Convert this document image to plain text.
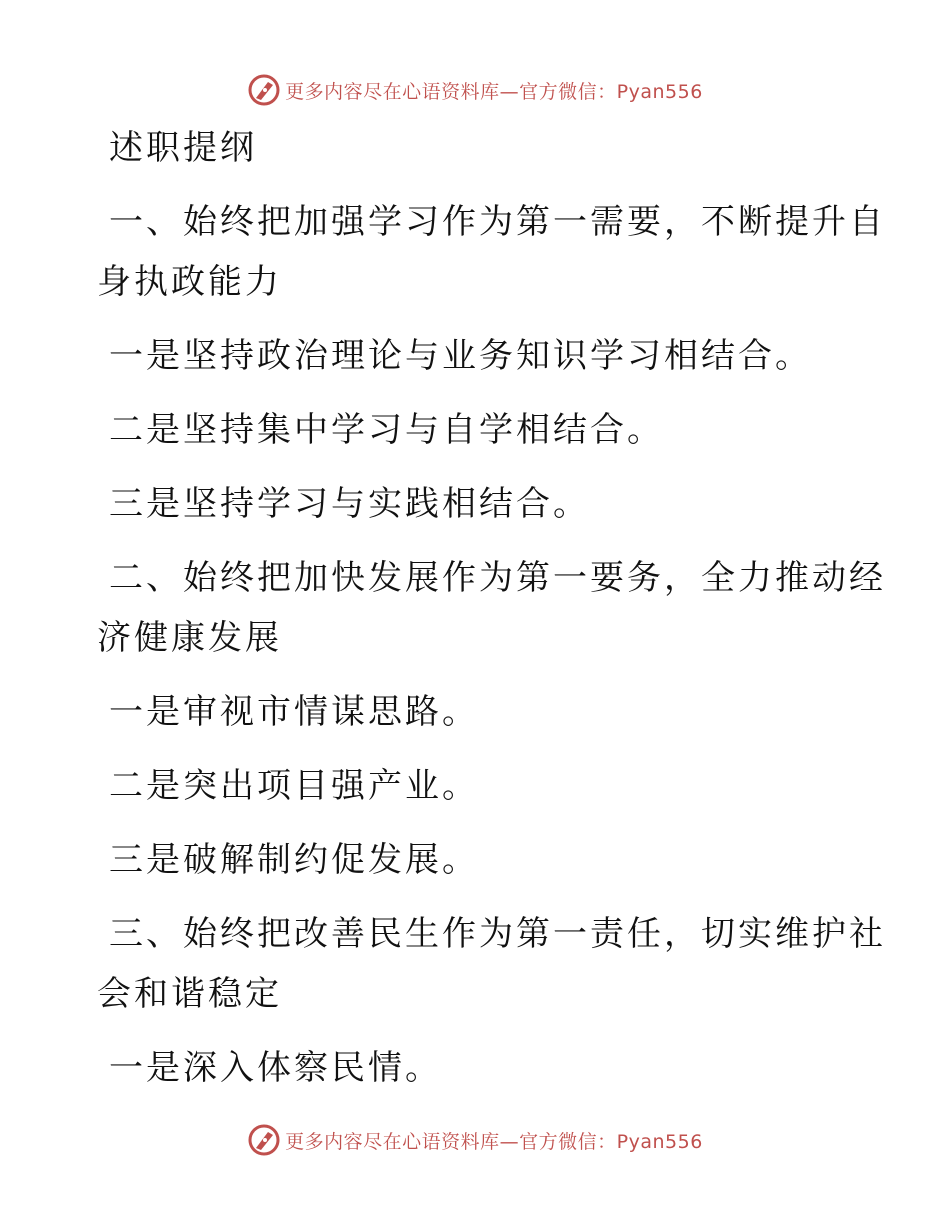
更多内容尽在心语资料库—官方微信：Pyan556
述职提纲
一、始终把加强学习作为第一需要，不断提升自
身执政能力
一是坚持政治理论与业务知识学习相结合。
二是坚持集中学习与自学相结合。
三是坚持学习与实践相结合。
二、始终把加快发展作为第一要务，全力推动经
济健康发展
一是审视市情谋思路。
二是突出项目强产业。
三是破解制约促发展。
三、始终把改善民生作为第一责任，切实维护社
会和谐稳定
一是深入体察民情。
更多内容尽在心语资料库—官方微信：Pyan556
